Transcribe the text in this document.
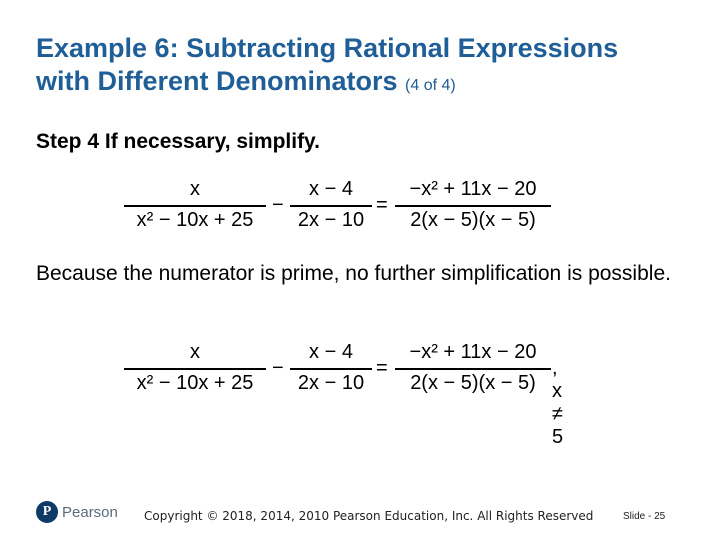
Example 6: Subtracting Rational Expressions
with Different Denominators (4 of 4)
Step 4 If necessary, simplify.
x
x² − 10x + 25
−
x − 4
2x − 10
=
−x² + 11x − 20
2(x − 5)(x − 5)
Because the numerator is prime, no further simplification is possible.
x
x² − 10x + 25
−
x − 4
2x − 10
=
−x² + 11x − 20
2(x − 5)(x − 5)
, x ≠ 5
P Pearson Copyright © 2018, 2014, 2010 Pearson Education, Inc. All Rights Reserved	Slide - 25
